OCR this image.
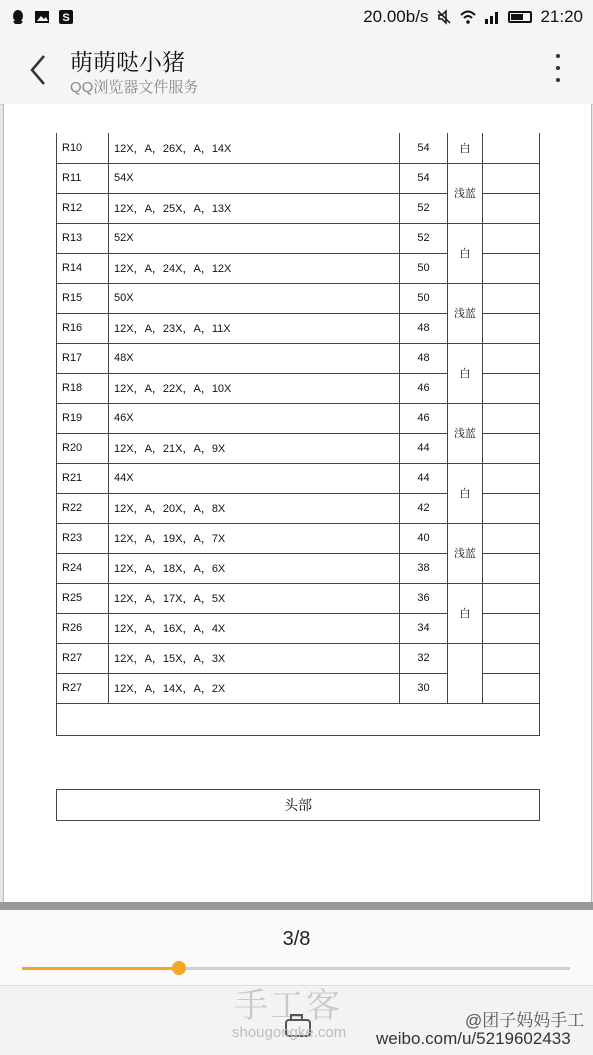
S	20.00b/s	21:20
萌萌哒小猪
QQ浏览器文件服务
R10	12X，A，26X，A，14X	54	白	
R11	54X	54	浅蓝	
R12	12X，A，25X，A，13X	52		
R13	52X	52	白	
R14	12X，A，24X，A，12X	50		
R15	50X	50	浅蓝	
R16	12X，A，23X，A，11X	48		
R17	48X	48	白	
R18	12X，A，22X，A，10X	46		
R19	46X	46	浅蓝	
R20	12X，A，21X，A，9X	44		
R21	44X	44	白	
R22	12X，A，20X，A，8X	42		
R23	12X，A，19X，A，7X	40	浅蓝	
R24	12X，A，18X，A，6X	38		
R25	12X，A，17X，A，5X	36	白	
R26	12X，A，16X，A，4X	34		
R27	12X，A，15X，A，3X	32		
R27	12X，A，14X，A，2X	30		

头部
3/8
手工客
shougongke.com
@团子妈妈手工
weibo.com/u/5219602433
